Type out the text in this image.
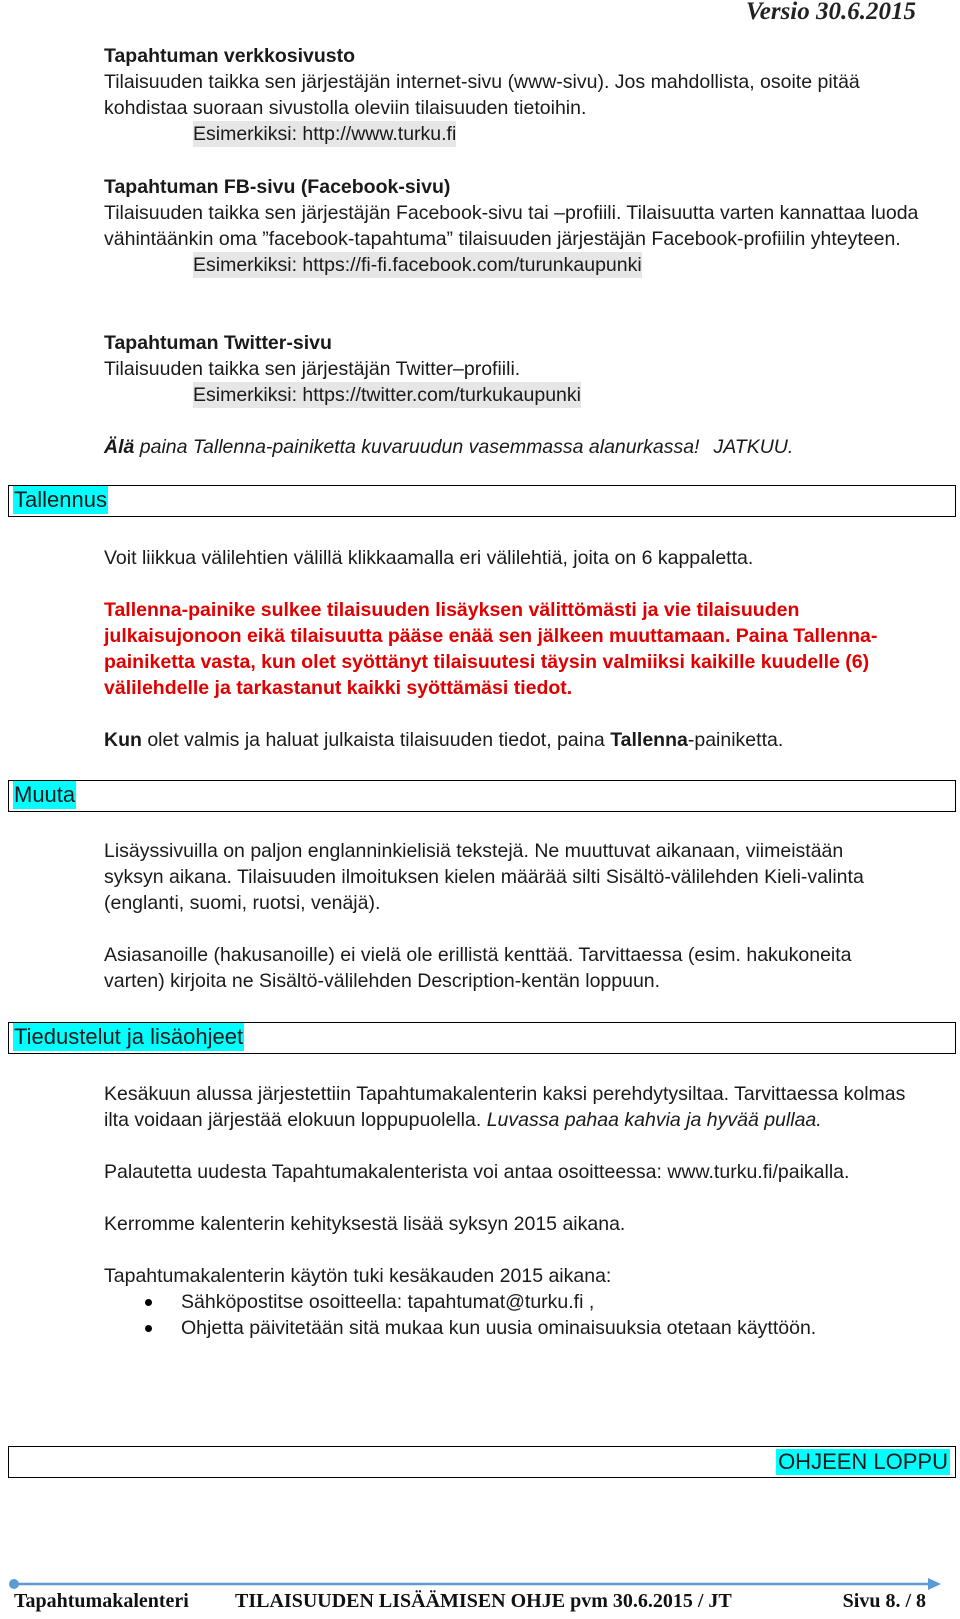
Versio 30.6.2015

Tapahtuman verkkosivusto

Tilaisuuden taikka sen järjestäjän internet-sivu (www-sivu). Jos mahdollista, osoite pitää kohdistaa suoraan sivustolla oleviin tilaisuuden tietoihin.

Esimerkiksi: http://www.turku.fi

Tapahtuman FB-sivu (Facebook-sivu)

Tilaisuuden taikka sen järjestäjän Facebook-sivu tai –profiili. Tilaisuutta varten kannattaa luoda vähintäänkin oma ”facebook-tapahtuma” tilaisuuden järjestäjän Facebook-profiilin yhteyteen.

Esimerkiksi: https://fi-fi.facebook.com/turunkaupunki

Tapahtuman Twitter-sivu

Tilaisuuden taikka sen järjestäjän Twitter–profiili.

Esimerkiksi: https://twitter.com/turkukaupunki

Älä paina Tallenna-painiketta kuvaruudun vasemmassa alanurkassa! JATKUU.
Tallennus

Voit liikkua välilehtien välillä klikkaamalla eri välilehtiä, joita on 6 kappaletta.

Tallenna-painike sulkee tilaisuuden lisäyksen välittömästi ja vie tilaisuuden julkaisujonoon eikä tilaisuutta pääse enää sen jälkeen muuttamaan. Paina Tallenna-painiketta vasta, kun olet syöttänyt tilaisuutesi täysin valmiiksi kaikille kuudelle (6) välilehdelle ja tarkastanut kaikki syöttämäsi tiedot.

Kun olet valmis ja haluat julkaista tilaisuuden tiedot, paina Tallenna-painiketta.

Muuta

Lisäyssivuilla on paljon englanninkielisiä tekstejä. Ne muuttuvat aikanaan, viimeistään syksyn aikana. Tilaisuuden ilmoituksen kielen määrää silti Sisältö-välilehden Kieli-valinta (englanti, suomi, ruotsi, venäjä).

Asiasanoille (hakusanoille) ei vielä ole erillistä kenttää. Tarvittaessa (esim. hakukoneita varten) kirjoita ne Sisältö-välilehden Description-kentän loppuun.

Tiedustelut ja lisäohjeet

Kesäkuun alussa järjestettiin Tapahtumakalenterin kaksi perehdytysiltaa. Tarvittaessa kolmas ilta voidaan järjestää elokuun loppupuolella. Luvassa pahaa kahvia ja hyvää pullaa.

Palautetta uudesta Tapahtumakalenterista voi antaa osoitteessa: www.turku.fi/paikalla.

Kerromme kalenterin kehityksestä lisää syksyn 2015 aikana.

Tapahtumakalenterin käytön tuki kesäkauden 2015 aikana:

Sähköpostitse osoitteella: tapahtumat@turku.fi ,
Ohjetta päivitetään sitä mukaa kun uusia ominaisuuksia otetaan käyttöön.
OHJEEN LOPPU
Tapahtumakalenteri TILAISUUDEN LISÄÄMISEN OHJE pvm 30.6.2015 / JT	Sivu 8. / 8
